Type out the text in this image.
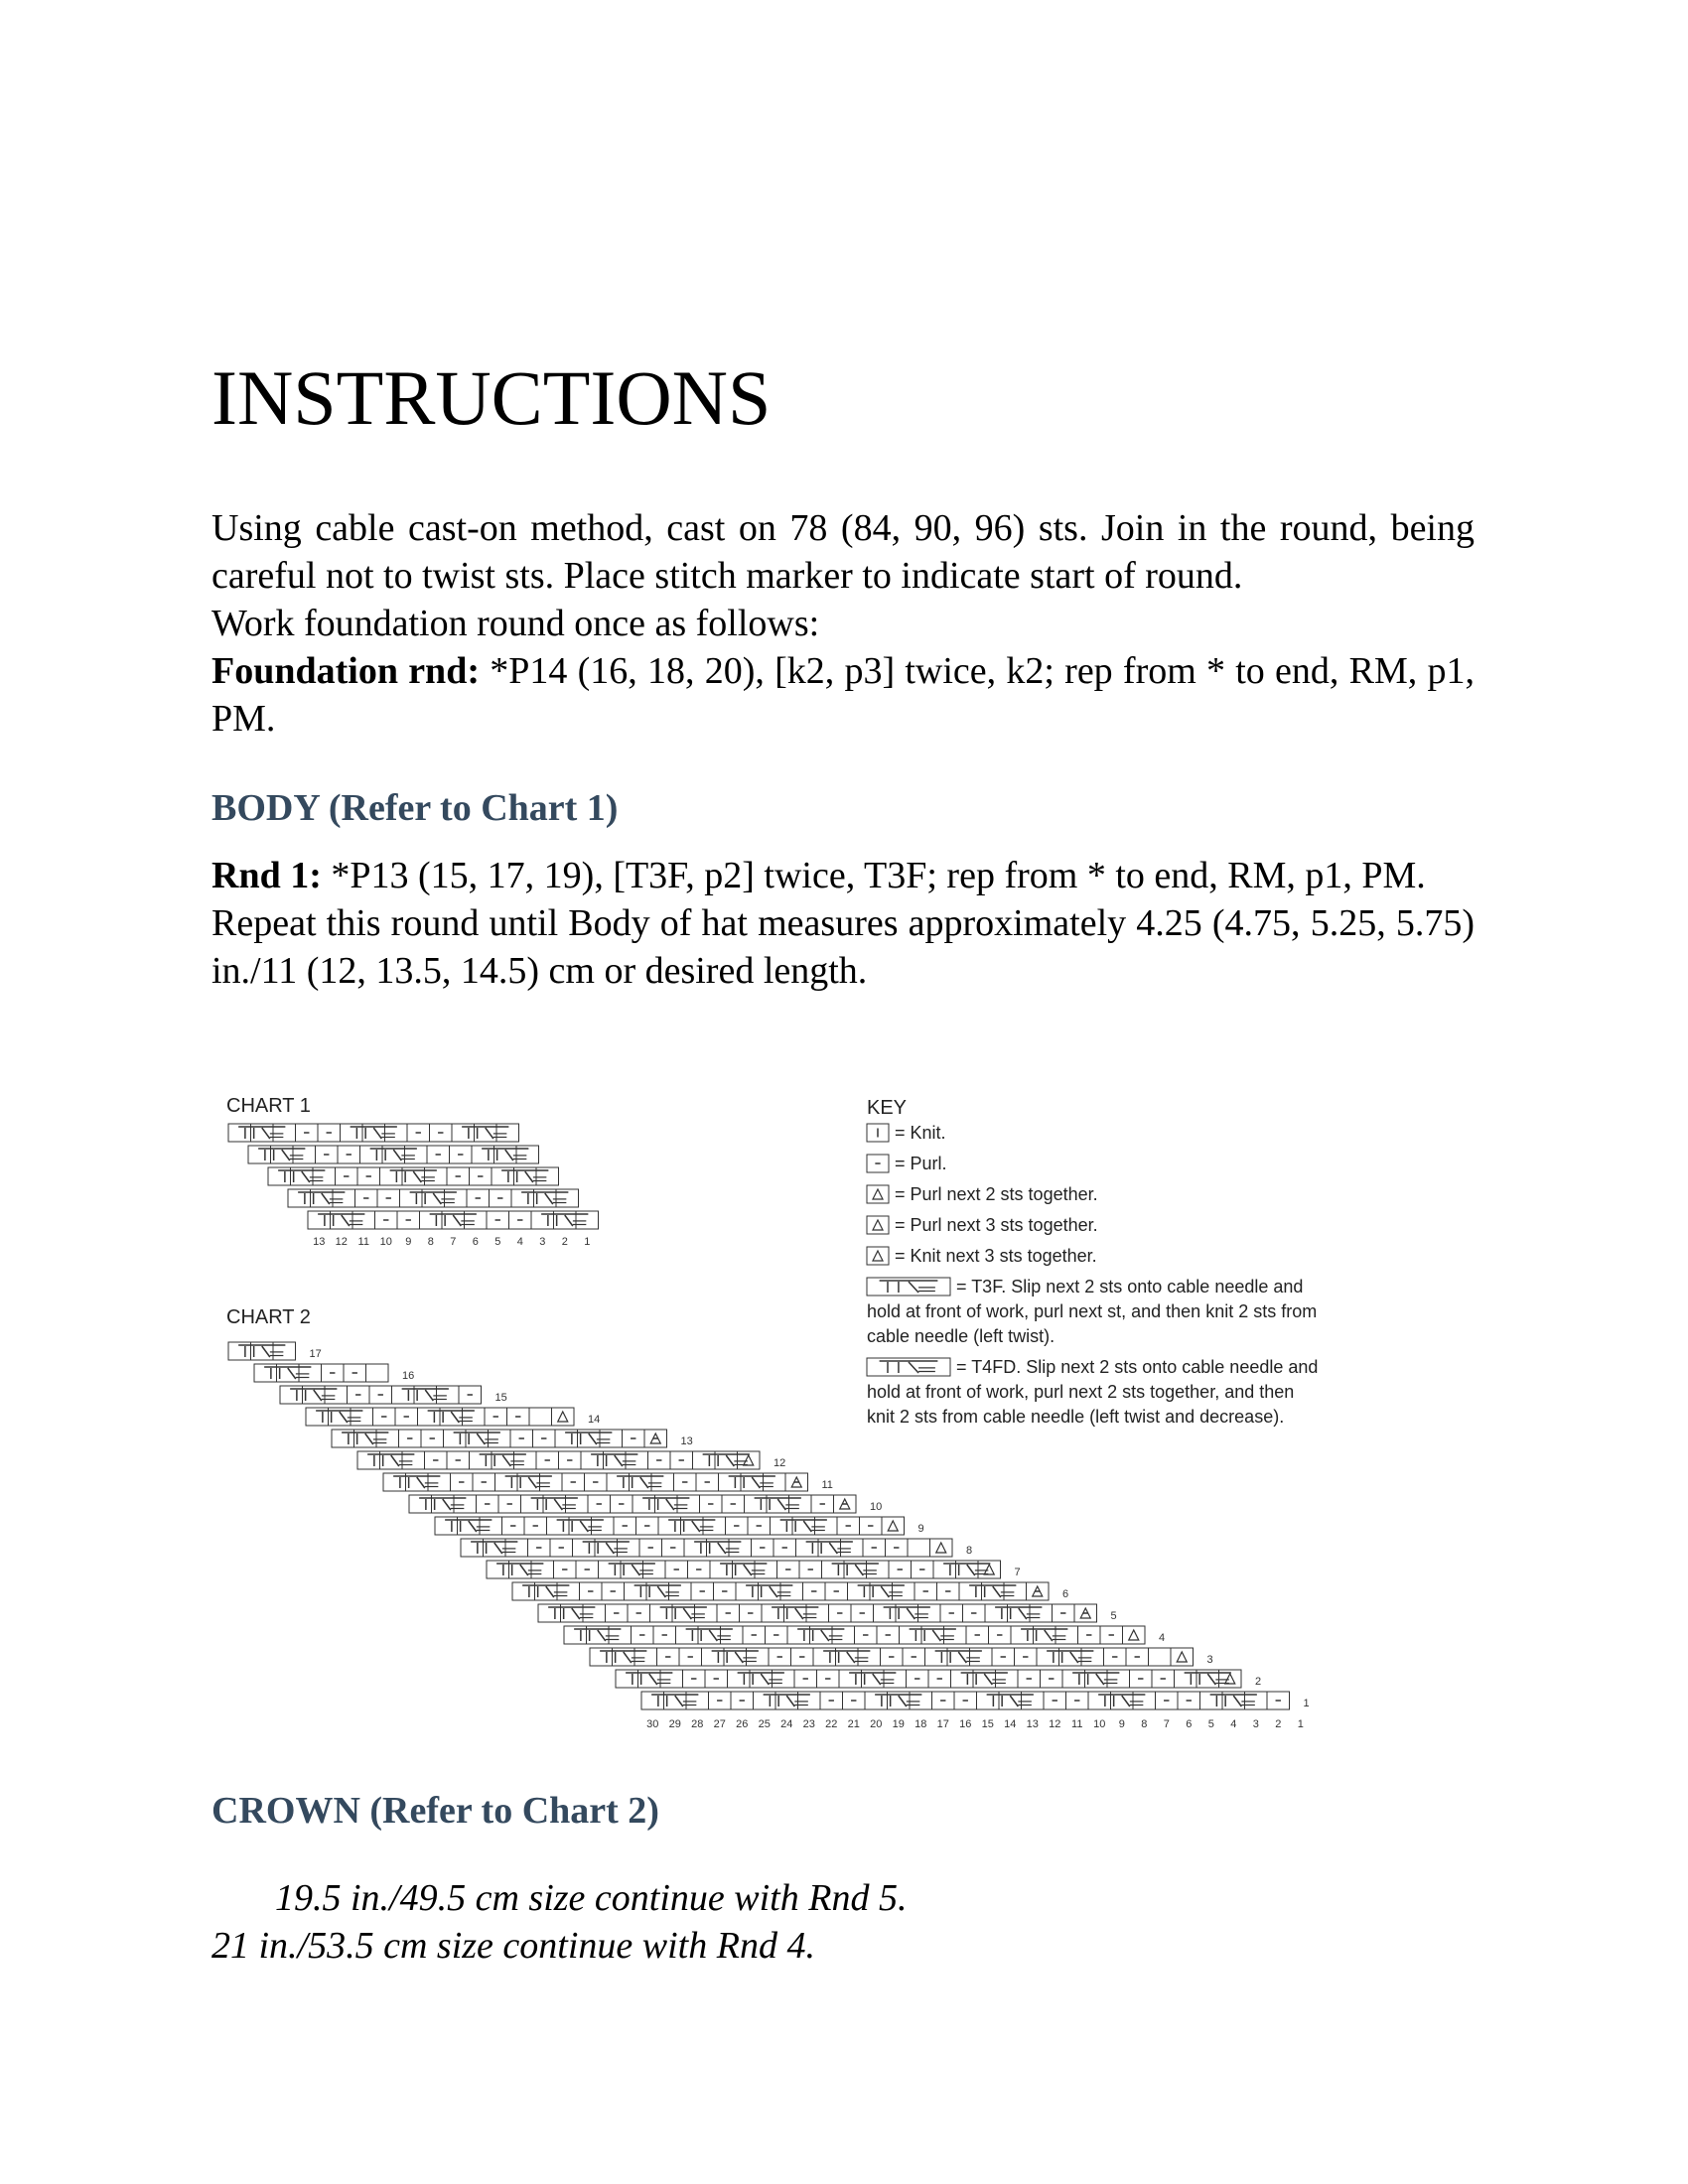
INSTRUCTIONS

Using cable cast-on method, cast on 78 (84, 90, 96) sts. Join in the round, being careful not to twist sts. Place stitch marker to indicate start of round.

Work foundation round once as follows:

Foundation rnd: *P14 (16, 18, 20), [k2, p3] twice, k2; rep from * to end, RM, p1, PM.

BODY (Refer to Chart 1)

Rnd 1: *P13 (15, 17, 19), [T3F, p2] twice, T3F; rep from * to end, RM, p1, PM.

Repeat this round until Body of hat measures approximately 4.25 (4.75, 5.25, 5.75) in./11 (12, 13.5, 14.5) cm or desired length.

CROWN (Refer to Chart 2)

19.5 in./49.5 cm size continue with Rnd 5.

21 in./53.5 cm size continue with Rnd 4.

CHART 1
13 12 11 10 9 8 7 6 5 4 3 2 1
CHART 2
17
16
15
14
13
12
11
10
9
8
7
6
5
4
3
2
1
30 29 28 27 26 25 24 23 22 21 20 19 18 17 16 15 14 13 12 11 10 9 8 7 6 5 4 3 2 1
KEY
= Knit.
= Purl.
= Purl next 2 sts together.
= Purl next 3 sts together.
= Knit next 3 sts together.
= T3F. Slip next 2 sts onto cable needle and
hold at front of work, purl next st, and then knit 2 sts from
cable needle (left twist).
= T4FD. Slip next 2 sts onto cable needle and
hold at front of work, purl next 2 sts together, and then
knit 2 sts from cable needle (left twist and decrease).
